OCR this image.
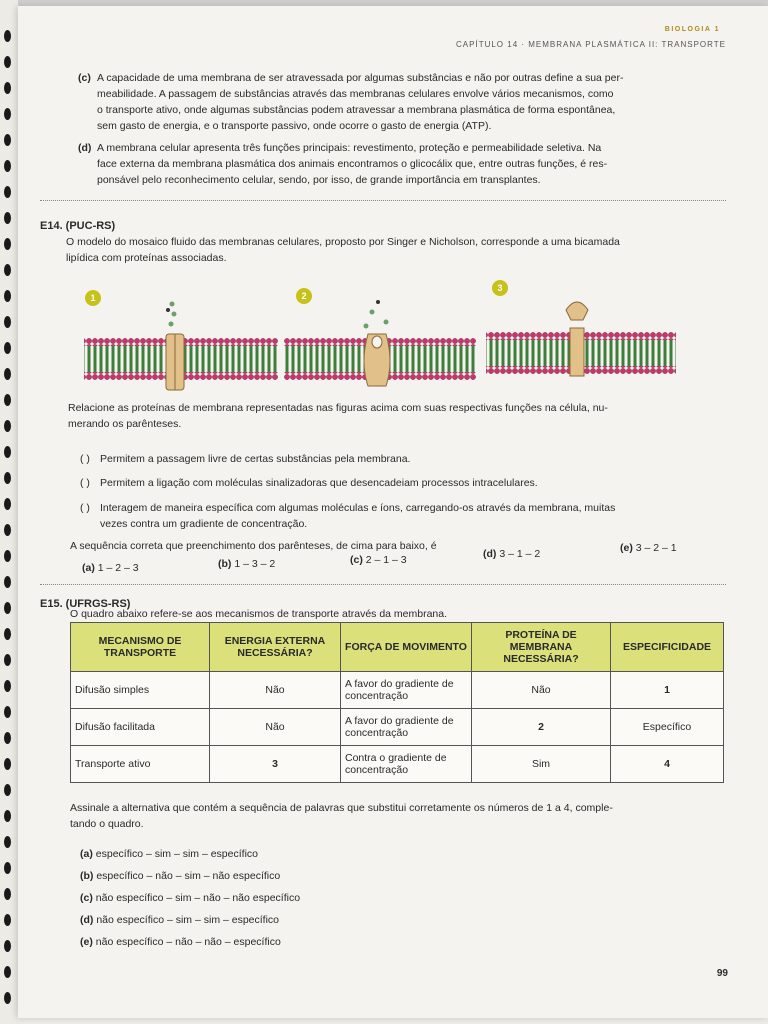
BIOLOGIA 1
CAPÍTULO 14 · MEMBRANA PLASMÁTICA II: TRANSPORTE
(c) A capacidade de uma membrana de ser atravessada por algumas substâncias e não por outras define a sua per-
meabilidade. A passagem de substâncias através das membranas celulares envolve vários mecanismos, como
o transporte ativo, onde algumas substâncias podem atravessar a membrana plasmática de forma espontânea,
sem gasto de energia, e o transporte passivo, onde ocorre o gasto de energia (ATP).
(d) A membrana celular apresenta três funções principais: revestimento, proteção e permeabilidade seletiva. Na
face externa da membrana plasmática dos animais encontramos o glicocálix que, entre outras funções, é res-
ponsável pelo reconhecimento celular, sendo, por isso, de grande importância em transplantes.
E14. (PUC-RS)
O modelo do mosaico fluido das membranas celulares, proposto por Singer e Nicholson, corresponde a uma bicamada
lipídica com proteínas associadas.
1	2
3
Relacione as proteínas de membrana representadas nas figuras acima com suas respectivas funções na célula, nu-
merando os parênteses.
( ) Permitem a passagem livre de certas substâncias pela membrana.
( ) Permitem a ligação com moléculas sinalizadoras que desencadeiam processos intracelulares.
( ) Interagem de maneira específica com algumas moléculas e íons, carregando-os através da membrana, muitas
vezes contra um gradiente de concentração.
A sequência correta que preenchimento dos parênteses, de cima para baixo, é
(a) 1 – 2 – 3	(b) 1 – 3 – 2	(c) 2 – 1 – 3	(d) 3 – 1 – 2	(e) 3 – 2 – 1
E15. (UFRGS-RS)
O quadro abaixo refere-se aos mecanismos de transporte através da membrana.
MECANISMO DE TRANSPORTE	ENERGIA EXTERNA NECESSÁRIA?	FORÇA DE MOVIMENTO	PROTEÍNA DE MEMBRANA NECESSÁRIA?	ESPECIFICIDADE
Difusão simples	Não	A favor do gradiente de concentração	Não	1
Difusão facilitada	Não	A favor do gradiente de concentração	2	Específico
Transporte ativo	3	Contra o gradiente de concentração	Sim	4
Assinale a alternativa que contém a sequência de palavras que substitui corretamente os números de 1 a 4, comple-
tando o quadro.
(a) específico – sim – sim – específico
(b) específico – não – sim – não específico
(c) não específico – sim – não – não específico
(d) não específico – sim – sim – específico
(e) não específico – não – não – específico
99
